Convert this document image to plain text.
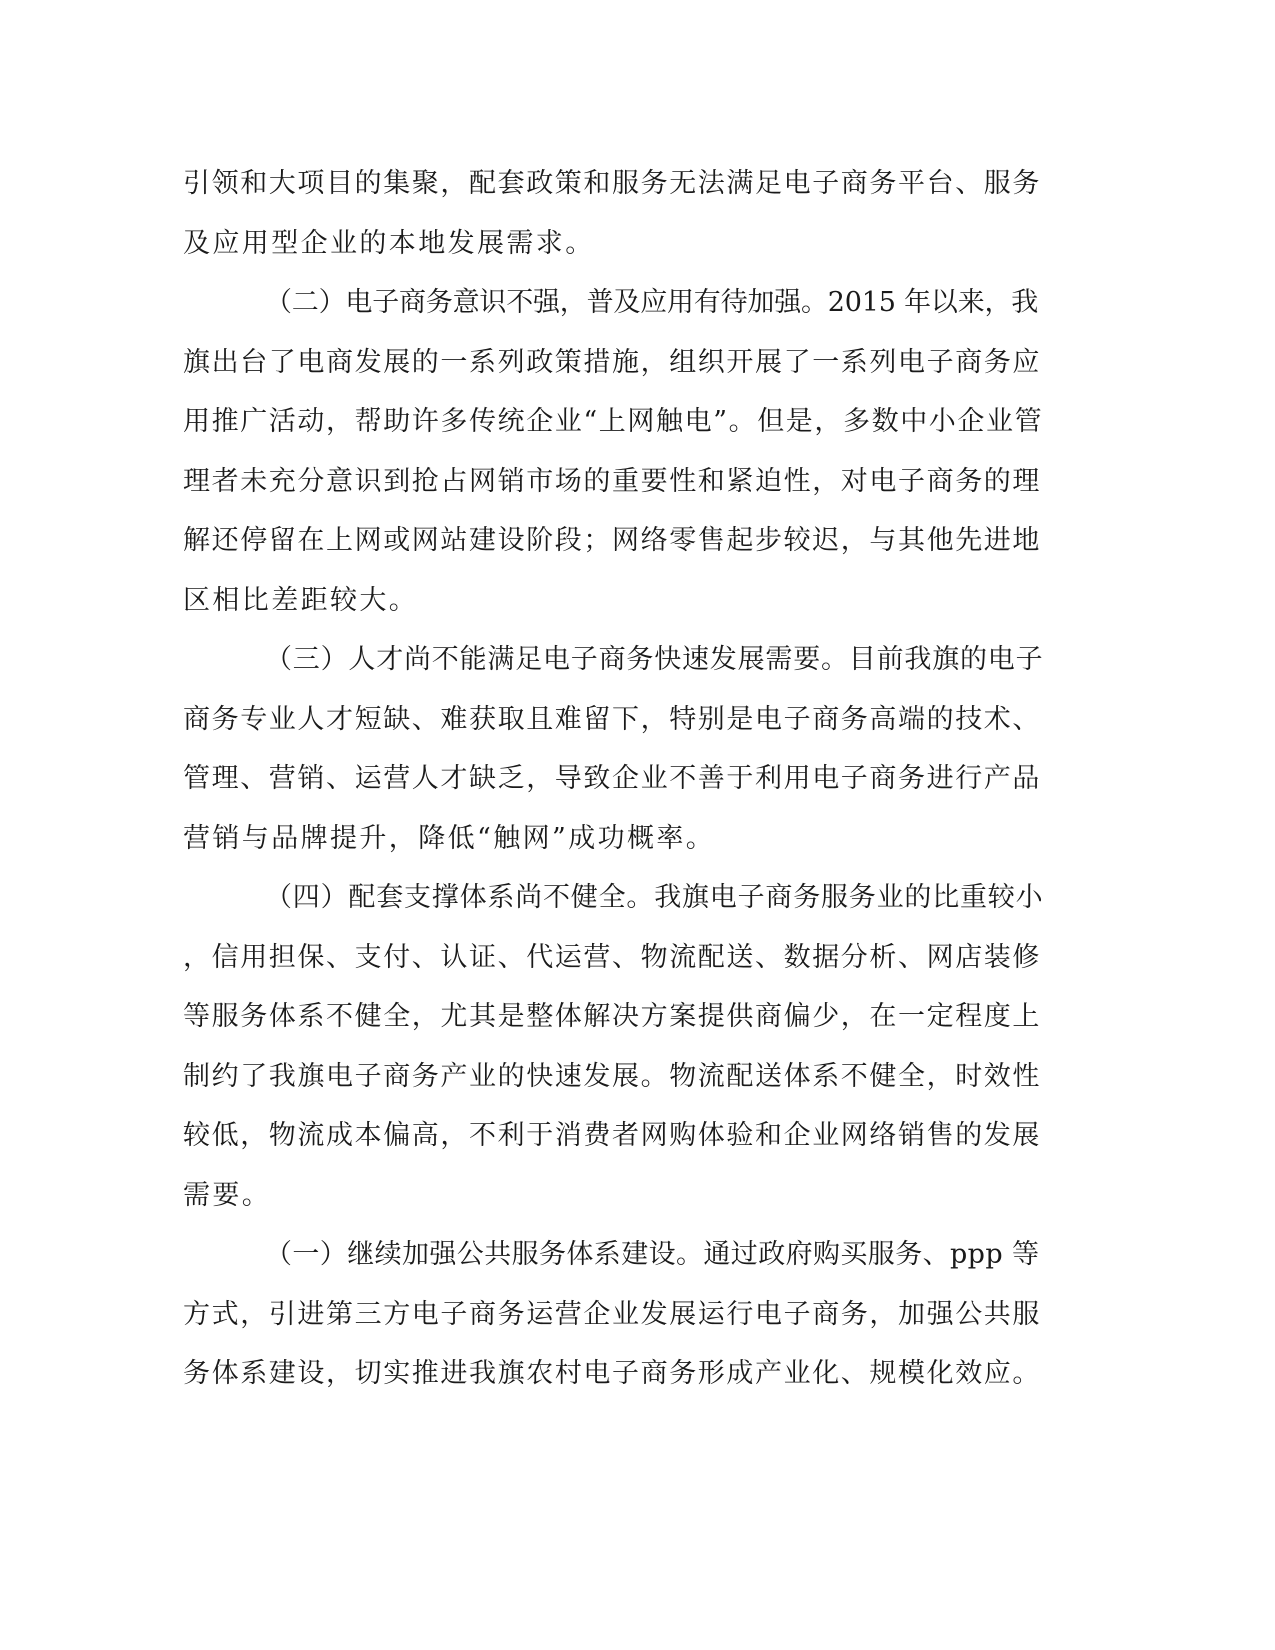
引领和大项目的集聚，配套政策和服务无法满足电子商务平台、服务
及应用型企业的本地发展需求。
（二）电子商务意识不强，普及应用有待加强。2015 年以来，我
旗出台了电商发展的一系列政策措施，组织开展了一系列电子商务应
用推广活动，帮助许多传统企业“上网触电”。但是，多数中小企业管
理者未充分意识到抢占网销市场的重要性和紧迫性，对电子商务的理
解还停留在上网或网站建设阶段；网络零售起步较迟，与其他先进地
区相比差距较大。
（三）人才尚不能满足电子商务快速发展需要。目前我旗的电子
商务专业人才短缺、难获取且难留下，特别是电子商务高端的技术、
管理、营销、运营人才缺乏，导致企业不善于利用电子商务进行产品
营销与品牌提升，降低“触网”成功概率。
（四）配套支撑体系尚不健全。我旗电子商务服务业的比重较小
，信用担保、支付、认证、代运营、物流配送、数据分析、网店装修
等服务体系不健全，尤其是整体解决方案提供商偏少，在一定程度上
制约了我旗电子商务产业的快速发展。物流配送体系不健全，时效性
较低，物流成本偏高，不利于消费者网购体验和企业网络销售的发展
需要。
（一）继续加强公共服务体系建设。通过政府购买服务、ppp 等
方式，引进第三方电子商务运营企业发展运行电子商务，加强公共服
务体系建设，切实推进我旗农村电子商务形成产业化、规模化效应。
